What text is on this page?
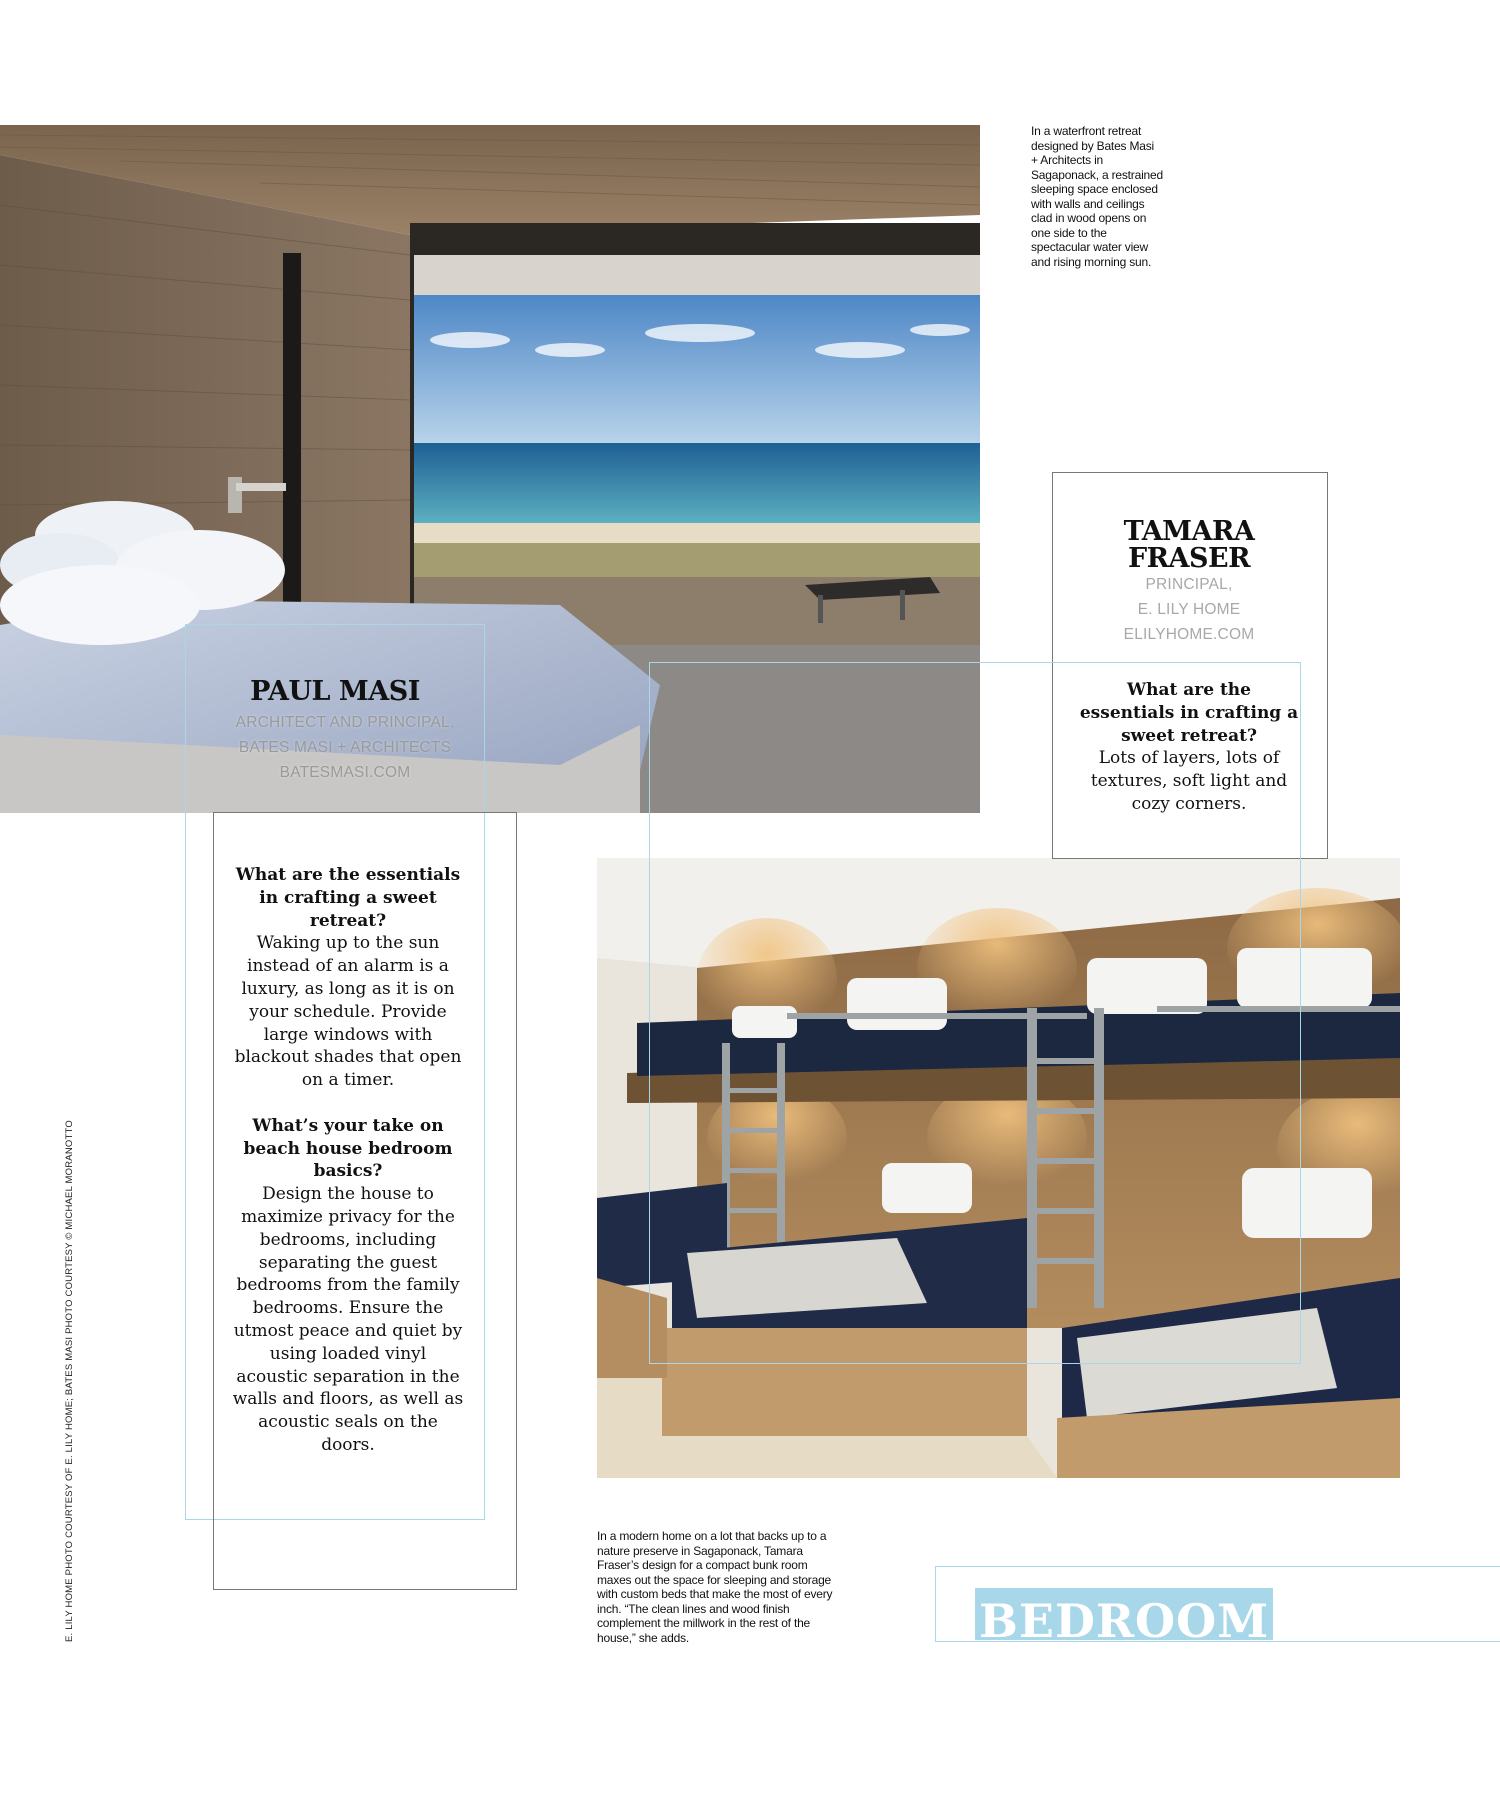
In a waterfront retreat designed by Bates Masi + Architects in Sagaponack, a restrained sleeping space enclosed with walls and ceilings clad in wood opens on one side to the spectacular water view and rising morning sun.
PAUL MASI
ARCHITECT AND PRINCIPAL,
BATES MASI + ARCHITECTS
BATESMASI.COM
What are the essentials in crafting a sweet retreat?
Waking up to the sun instead of an alarm is a luxury, as long as it is on your schedule. Provide large windows with blackout shades that open on a timer.
What’s your take on beach house bedroom basics?
Design the house to maximize privacy for the bedrooms, including separating the guest bedrooms from the family bedrooms. Ensure the utmost peace and quiet by using loaded vinyl acoustic separation in the walls and floors, as well as acoustic seals on the doors.
TAMARA
FRASER
PRINCIPAL,
E. LILY HOME
ELILYHOME.COM
What are the essentials in crafting a sweet retreat?
Lots of layers, lots of textures, soft light and cozy corners.
In a modern home on a lot that backs up to a nature preserve in Sagaponack, Tamara Fraser’s design for a compact bunk room maxes out the space for sleeping and storage with custom beds that make the most of every inch. “The clean lines and wood finish complement the millwork in the rest of the house,” she adds.
E. LILY HOME PHOTO COURTESY OF E. LILY HOME; BATES MASI PHOTO COURTESY © MICHAEL MORANOTTO	BEDROOM
